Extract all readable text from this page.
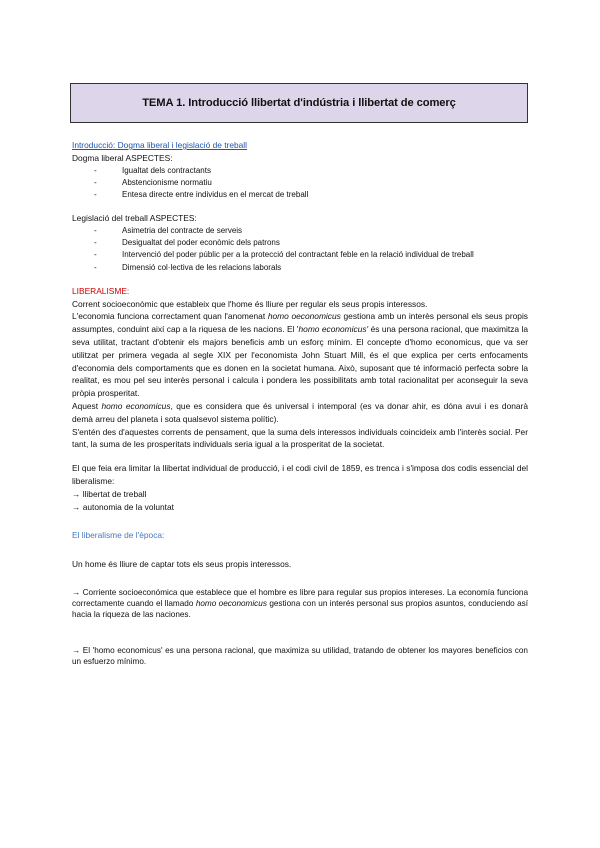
TEMA 1. Introducció llibertat d'indústria i llibertat de comerç

Introducció: Dogma liberal i legislació de treball

Dogma liberal ASPECTES:

- Igualtat dels contractants
- Abstencionisme normatiu
- Entesa directe entre individus en el mercat de treball

Legislació del treball ASPECTES:

- Asimetria del contracte de serveis
- Desigualtat del poder econòmic dels patrons
- Intervenció del poder públic per a la protecció del contractant feble en la relació individual de treball
- Dimensió col·lectiva de les relacions laborals

LIBERALISME:

Corrent socioeconòmic que estableix que l'home és lliure per regular els seus propis interessos.

L'economia funciona correctament quan l'anomenat homo oeconomicus gestiona amb un interès personal els seus propis assumptes, conduint així cap a la riquesa de les nacions. El 'homo economicus' és una persona racional, que maximitza la seva utilitat, tractant d'obtenir els majors beneficis amb un esforç mínim. El concepte d'homo economicus, que va ser utilitzat per primera vegada al segle XIX per l'economista John Stuart Mill, és el que explica per certs enfocaments d'economia dels comportaments que es donen en la societat humana. Això, suposant que té informació perfecta sobre la realitat, es mou pel seu interès personal i calcula i pondera les possibilitats amb total racionalitat per aconseguir la seva pròpia prosperitat.

Aquest homo economicus, que es considera que és universal i intemporal (es va donar ahir, es dóna avui i es donarà demà arreu del planeta i sota qualsevol sistema polític).

S'entén des d'aquestes corrents de pensament, que la suma dels interessos individuals coincideix amb l'interès social. Per tant, la suma de les prosperitats individuals seria igual a la prosperitat de la societat.

El que feia era limitar la llibertat individual de producció, i el codi civil de 1859, es trenca i s'imposa dos codis essencial del liberalisme:

→ llibertat de treball

→ autonomia de la voluntat

El liberalisme de l'època:

Un home és lliure de captar tots els seus propis interessos.

→ Corriente socioeconómica que establece que el hombre es libre para regular sus propios intereses. La economía funciona correctamente cuando el llamado homo oeconomicus gestiona con un interés personal sus propios asuntos, conduciendo así hacia la riqueza de las naciones.

→ El 'homo economicus' es una persona racional, que maximiza su utilidad, tratando de obtener los mayores beneficios con un esfuerzo mínimo.
